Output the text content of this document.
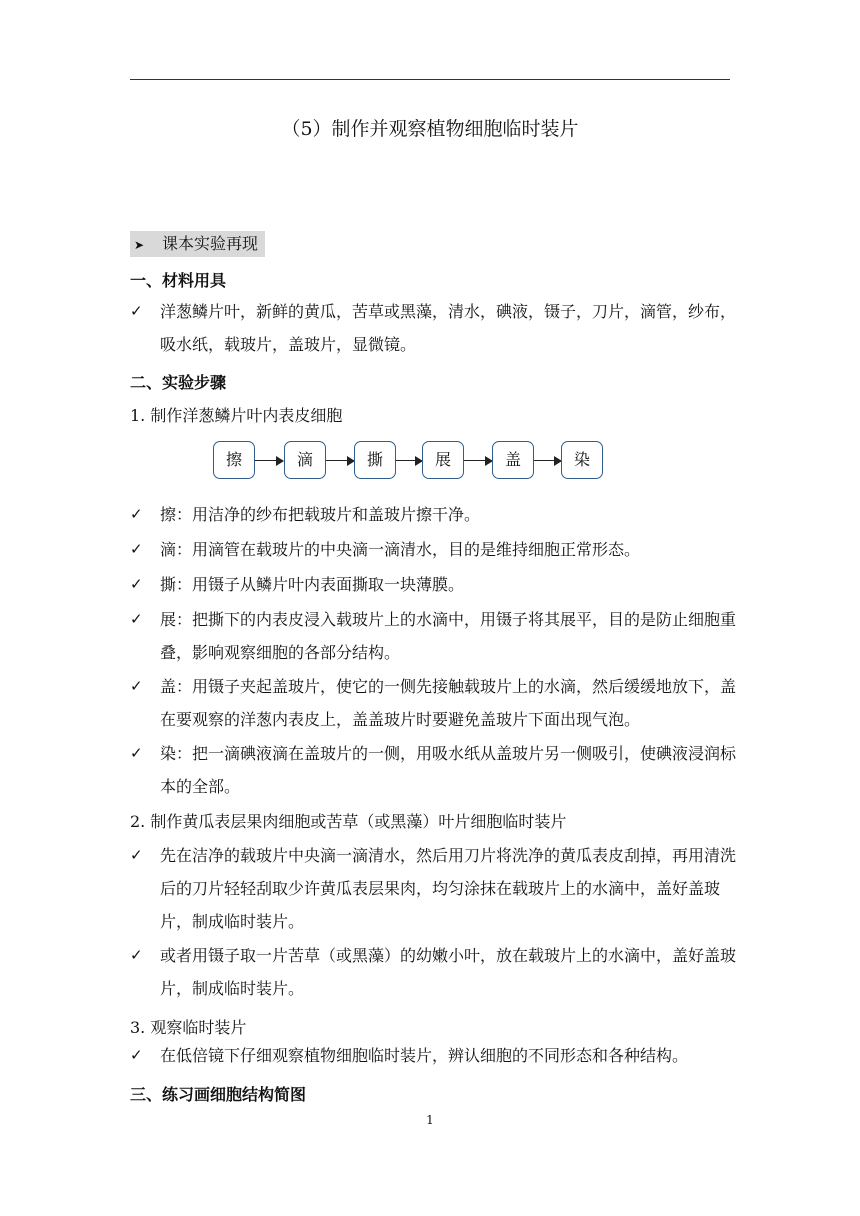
（5）制作并观察植物细胞临时装片
➤ 课本实验再现
一、材料用具
✓	洋葱鳞片叶，新鲜的黄瓜，苦草或黑藻，清水，碘液，镊子，刀片，滴管，纱布，吸水纸，载玻片，盖玻片，显微镜。
二、实验步骤
1. 制作洋葱鳞片叶内表皮细胞
擦	滴	撕	展	盖	染
✓	擦：用洁净的纱布把载玻片和盖玻片擦干净。
✓	滴：用滴管在载玻片的中央滴一滴清水，目的是维持细胞正常形态。
✓	撕：用镊子从鳞片叶内表面撕取一块薄膜。
✓	展：把撕下的内表皮浸入载玻片上的水滴中，用镊子将其展平，目的是防止细胞重叠，影响观察细胞的各部分结构。
✓	盖：用镊子夹起盖玻片，使它的一侧先接触载玻片上的水滴，然后缓缓地放下，盖在要观察的洋葱内表皮上，盖盖玻片时要避免盖玻片下面出现气泡。
✓	染：把一滴碘液滴在盖玻片的一侧，用吸水纸从盖玻片另一侧吸引，使碘液浸润标本的全部。
2. 制作黄瓜表层果肉细胞或苦草（或黑藻）叶片细胞临时装片
✓	先在洁净的载玻片中央滴一滴清水，然后用刀片将洗净的黄瓜表皮刮掉，再用清洗后的刀片轻轻刮取少许黄瓜表层果肉，均匀涂抹在载玻片上的水滴中，盖好盖玻片，制成临时装片。
✓	或者用镊子取一片苦草（或黑藻）的幼嫩小叶，放在载玻片上的水滴中，盖好盖玻片，制成临时装片。
3. 观察临时装片
✓	在低倍镜下仔细观察植物细胞临时装片，辨认细胞的不同形态和各种结构。
三、练习画细胞结构简图
1
